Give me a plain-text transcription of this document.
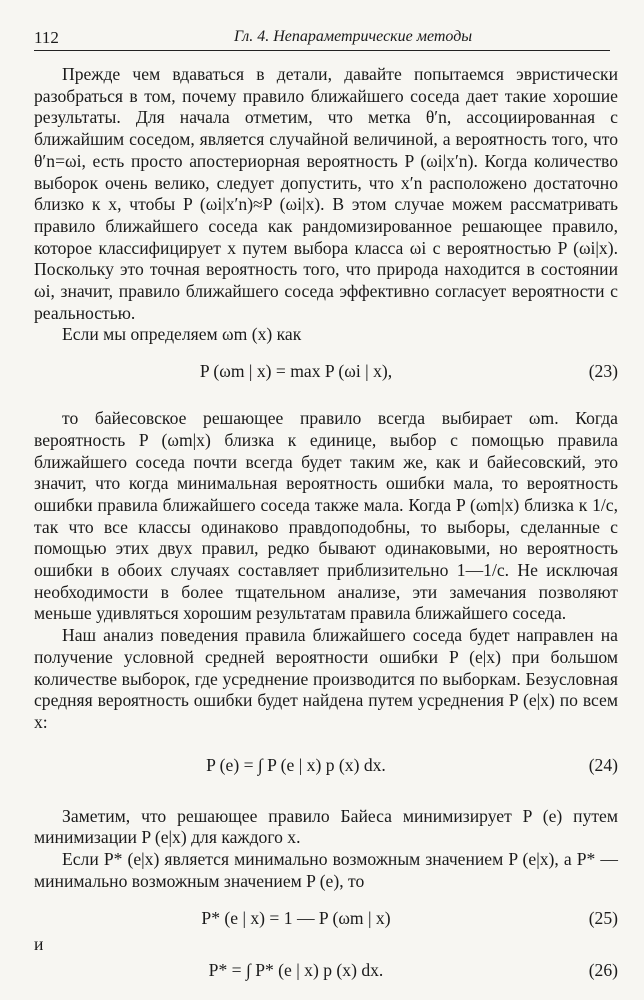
112	Гл. 4. Непараметрические методы

Прежде чем вдаваться в детали, давайте попытаемся эвристически разобраться в том, почему правило ближайшего соседа дает такие хорошие результаты. Для начала отметим, что метка θ′n, ассоциированная с ближайшим соседом, является случайной величиной, а вероятность того, что θ′n=ωi, есть просто апостериорная вероятность P (ωi|x′n). Когда количество выборок очень велико, следует допустить, что x′n расположено достаточно близко к x, чтобы P (ωi|x′n)≈P (ωi|x). В этом случае можем рассматривать правило ближайшего соседа как рандомизированное решающее правило, которое классифицирует x путем выбора класса ωi с вероятностью P (ωi|x). Поскольку это точная вероятность того, что природа находится в состоянии ωi, значит, правило ближайшего соседа эффективно согласует вероятности с реальностью.

Если мы определяем ωm (x) как

P (ωm | x) = max P (ωi | x),	(23)

то байесовское решающее правило всегда выбирает ωm. Когда вероятность P (ωm|x) близка к единице, выбор с помощью правила ближайшего соседа почти всегда будет таким же, как и байесовский, это значит, что когда минимальная вероятность ошибки мала, то вероятность ошибки правила ближайшего соседа также мала. Когда P (ωm|x) близка к 1/c, так что все классы одинаково правдоподобны, то выборы, сделанные с помощью этих двух правил, редко бывают одинаковыми, но вероятность ошибки в обоих случаях составляет приблизительно 1—1/c. Не исключая необходимости в более тщательном анализе, эти замечания позволяют меньше удивляться хорошим результатам правила ближайшего соседа.

Наш анализ поведения правила ближайшего соседа будет направлен на получение условной средней вероятности ошибки P (e|x) при большом количестве выборок, где усреднение производится по выборкам. Безусловная средняя вероятность ошибки будет найдена путем усреднения P (e|x) по всем x:

P (e) = ∫ P (e | x) p (x) dx.	(24)

Заметим, что решающее правило Байеса минимизирует P (e) путем минимизации P (e|x) для каждого x.

Если P* (e|x) является минимально возможным значением P (e|x), а P* — минимально возможным значением P (e), то

P* (e | x) = 1 — P (ωm | x)	(25)
и
P* = ∫ P* (e | x) p (x) dx.	(26)
